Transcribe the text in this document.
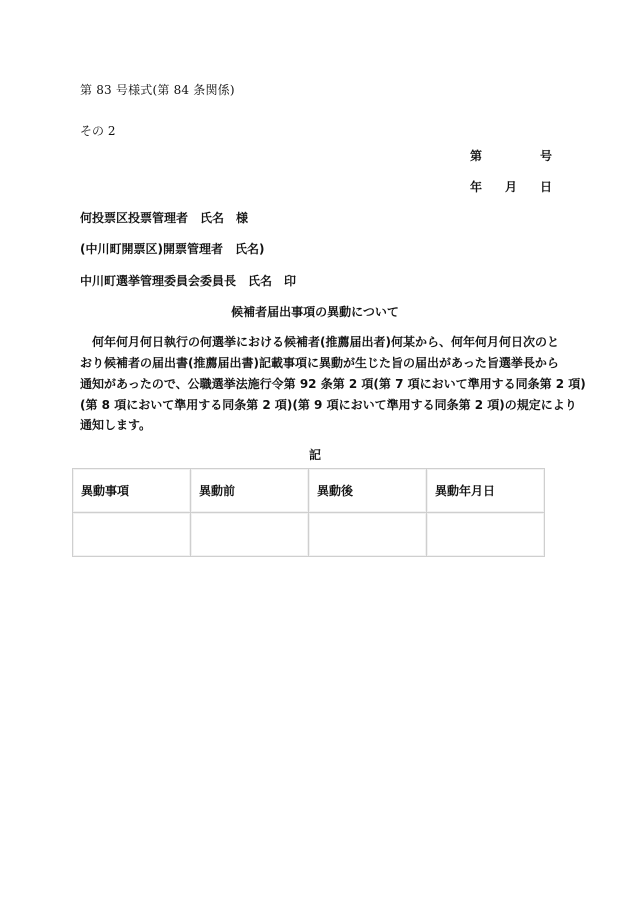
第 83 号様式(第 84 条関係)
その 2
第	号
年 月 日
何投票区投票管理者　氏名　様
(中川町開票区)開票管理者　氏名)
中川町選挙管理委員会委員長　氏名　印
候補者届出事項の異動について
　何年何月何日執行の何選挙における候補者(推薦届出者)何某から、何年何月何日次のと
おり候補者の届出書(推薦届出書)記載事項に異動が生じた旨の届出があった旨選挙長から
通知があったので、公職選挙法施行令第 92 条第 2 項(第 7 項において準用する同条第 2 項)
(第 8 項において準用する同条第 2 項)(第 9 項において準用する同条第 2 項)の規定により
通知します。
記
異動事項	異動前	異動後	異動年月日
